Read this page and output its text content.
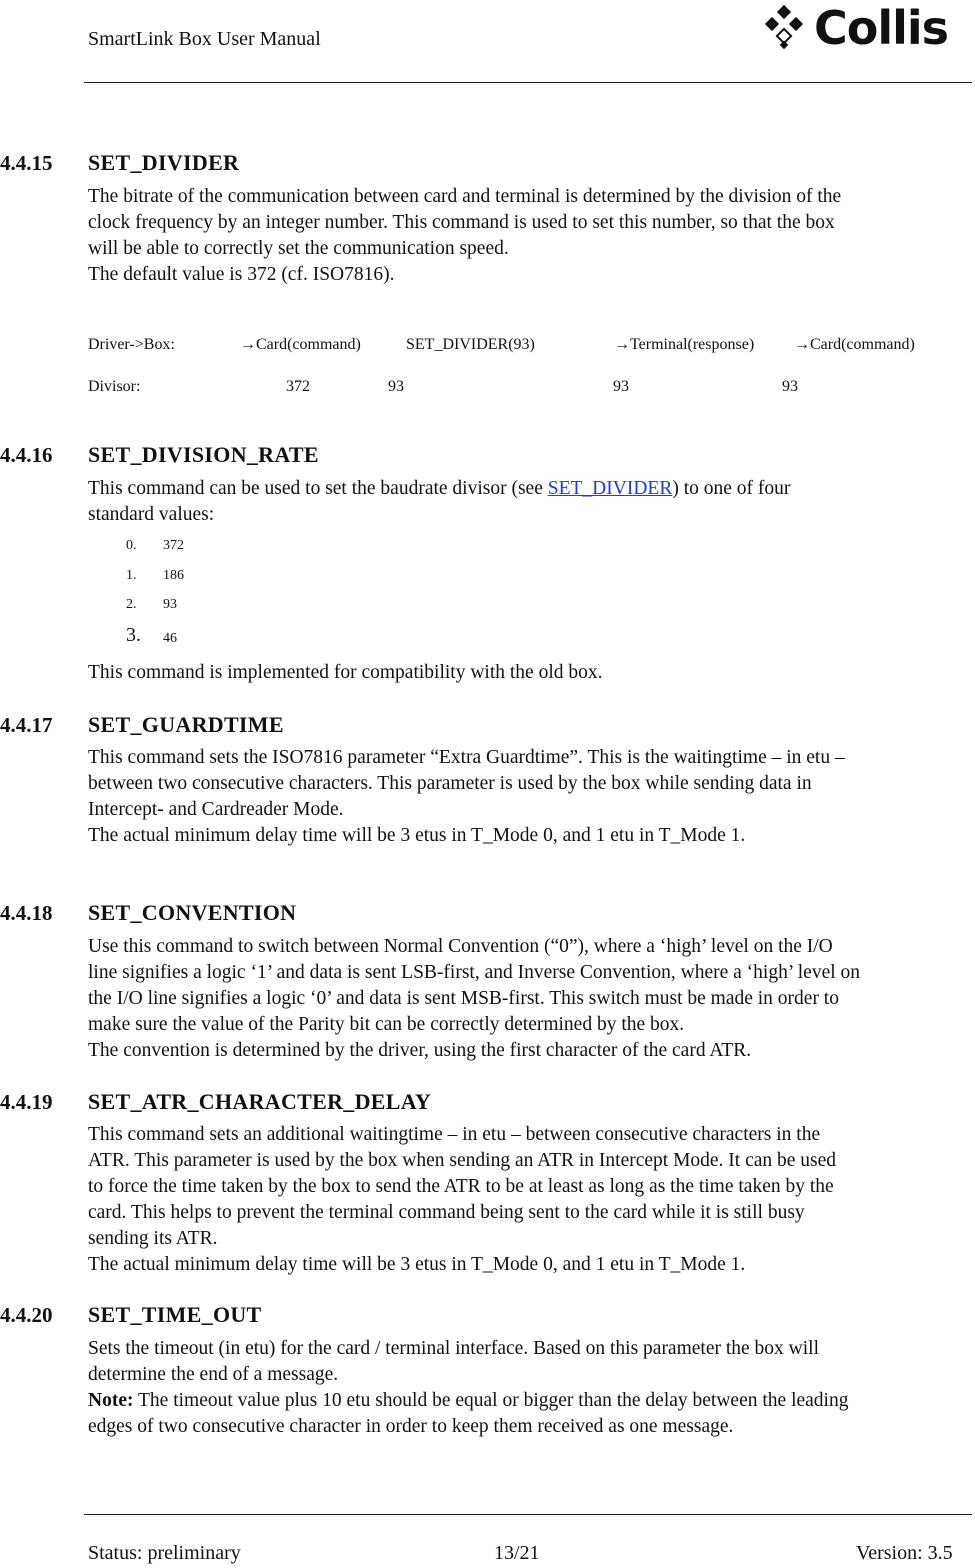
SmartLink Box User Manual	Collis
4.4.15 SET_DIVIDER

The bitrate of the communication between card and terminal is determined by the division of the

clock frequency by an integer number. This command is used to set this number, so that the box

will be able to correctly set the communication speed.

The default value is 372 (cf. ISO7816).

Driver->Box:	→Card(command)	SET_DIVIDER(93)	→Terminal(response) →Card(command)
Divisor:	372	93	93	93
4.4.16 SET_DIVISION_RATE

This command can be used to set the baudrate divisor (see SET_DIVIDER) to one of four

standard values:

0. 372
1. 186
2. 93
3. 46
This command is implemented for compatibility with the old box.
4.4.17 SET_GUARDTIME

This command sets the ISO7816 parameter “Extra Guardtime”. This is the waitingtime – in etu –

between two consecutive characters. This parameter is used by the box while sending data in

Intercept- and Cardreader Mode.

The actual minimum delay time will be 3 etus in T_Mode 0, and 1 etu in T_Mode 1.

4.4.18 SET_CONVENTION

Use this command to switch between Normal Convention (“0”), where a ‘high’ level on the I/O

line signifies a logic ‘1’ and data is sent LSB-first, and Inverse Convention, where a ‘high’ level on

the I/O line signifies a logic ‘0’ and data is sent MSB-first. This switch must be made in order to

make sure the value of the Parity bit can be correctly determined by the box.

The convention is determined by the driver, using the first character of the card ATR.

4.4.19 SET_ATR_CHARACTER_DELAY

This command sets an additional waitingtime – in etu – between consecutive characters in the

ATR. This parameter is used by the box when sending an ATR in Intercept Mode. It can be used

to force the time taken by the box to send the ATR to be at least as long as the time taken by the

card. This helps to prevent the terminal command being sent to the card while it is still busy

sending its ATR.

The actual minimum delay time will be 3 etus in T_Mode 0, and 1 etu in T_Mode 1.

4.4.20 SET_TIME_OUT

Sets the timeout (in etu) for the card / terminal interface. Based on this parameter the box will

determine the end of a message.

Note: The timeout value plus 10 etu should be equal or bigger than the delay between the leading

edges of two consecutive character in order to keep them received as one message.

Status: preliminary	13/21	Version: 3.5
